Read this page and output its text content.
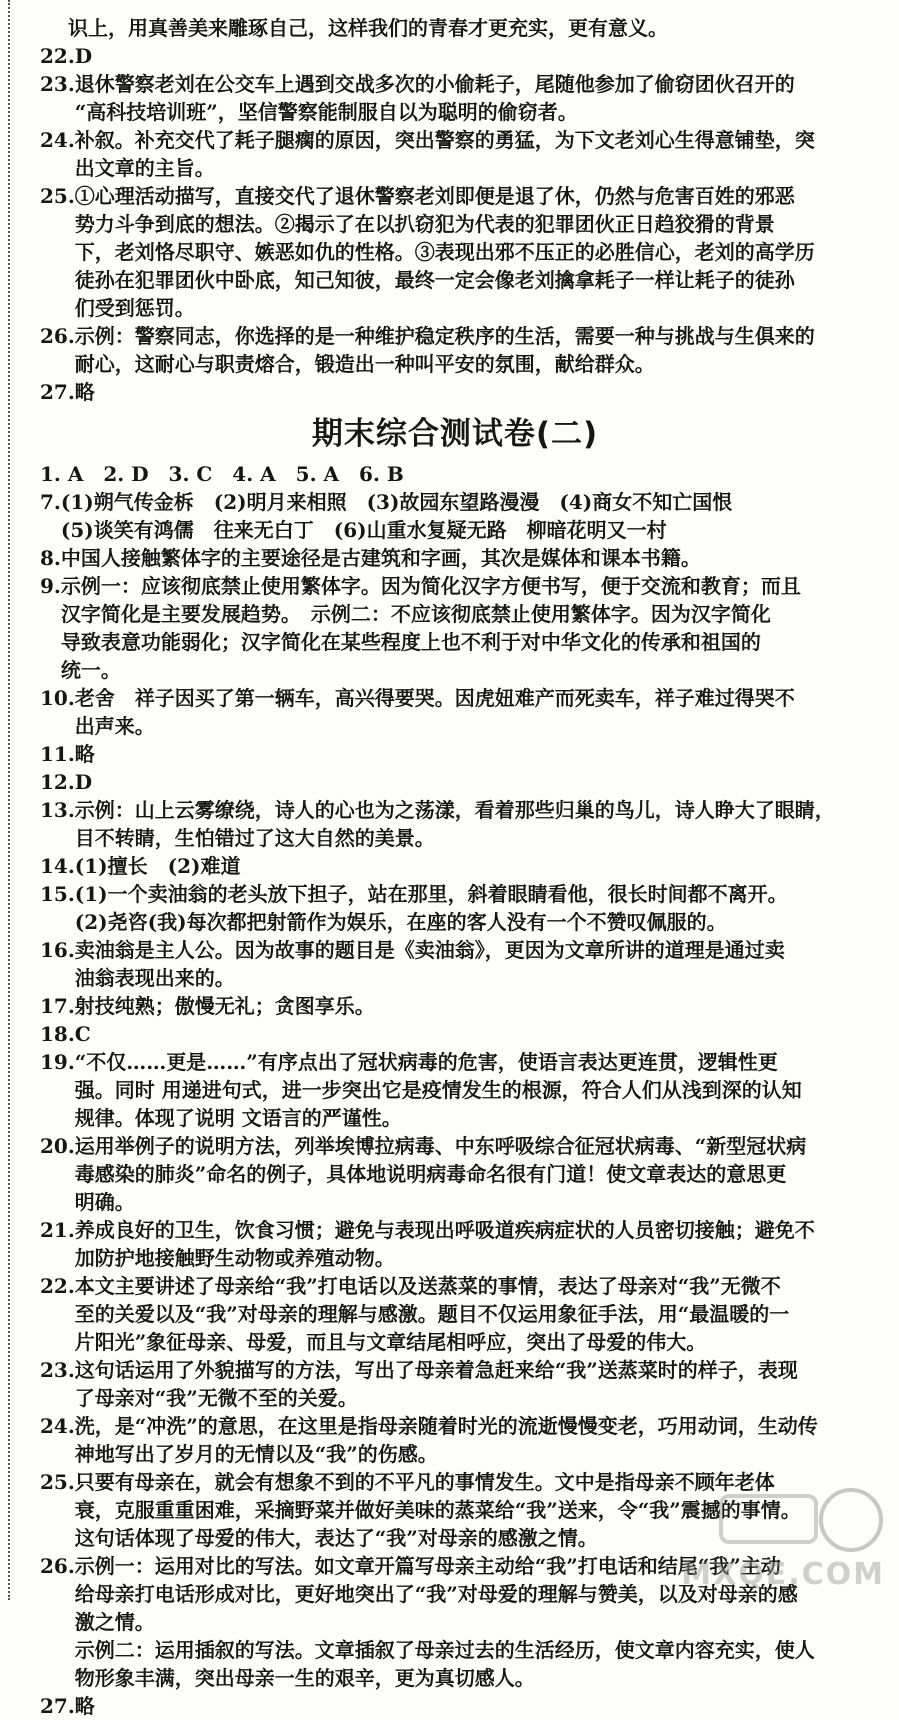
识上，用真善美来雕琢自己，这样我们的青春才更充实，更有意义。
22. D
23. 退休警察老刘在公交车上遇到交战多次的小偷耗子，尾随他参加了偷窃团伙召开的
“高科技培训班”，坚信警察能制服自以为聪明的偷窃者。
24. 补叙。补充交代了耗子腿瘸的原因，突出警察的勇猛，为下文老刘心生得意铺垫，突
出文章的主旨。
25. ①心理活动描写，直接交代了退休警察老刘即便是退了休，仍然与危害百姓的邪恶
势力斗争到底的想法。②揭示了在以扒窃犯为代表的犯罪团伙正日趋狡猾的背景
下，老刘恪尽职守、嫉恶如仇的性格。③表现出邪不压正的必胜信心，老刘的高学历
徒孙在犯罪团伙中卧底，知己知彼，最终一定会像老刘擒拿耗子一样让耗子的徒孙
们受到惩罚。
26. 示例：警察同志，你选择的是一种维护稳定秩序的生活，需要一种与挑战与生俱来的
耐心，这耐心与职责熔合，锻造出一种叫平安的氛围，献给群众。
27. 略
期末综合测试卷(二)
1. A　2. D　3. C　4. A　5. A　6. B
7. (1)朔气传金柝　(2)明月来相照　(3)故园东望路漫漫　(4)商女不知亡国恨
(5)谈笑有鸿儒　往来无白丁　(6)山重水复疑无路　柳暗花明又一村
8. 中国人接触繁体字的主要途径是古建筑和字画，其次是媒体和课本书籍。
9. 示例一：应该彻底禁止使用繁体字。因为简化汉字方便书写，便于交流和教育；而且
汉字简化是主要发展趋势。　示例二：不应该彻底禁止使用繁体字。因为汉字简化
导致表意功能弱化；汉字简化在某些程度上也不利于对中华文化的传承和祖国的
统一。
10. 老舍　祥子因买了第一辆车，高兴得要哭。因虎妞难产而死卖车，祥子难过得哭不
出声来。
11. 略
12. D
13. 示例：山上云雾缭绕，诗人的心也为之荡漾，看着那些归巢的鸟儿，诗人睁大了眼睛，
目不转睛，生怕错过了这大自然的美景。
14. (1)擅长　(2)难道
15. (1)一个卖油翁的老头放下担子，站在那里，斜着眼睛看他，很长时间都不离开。
(2)尧咨(我)每次都把射箭作为娱乐，在座的客人没有一个不赞叹佩服的。
16. 卖油翁是主人公。因为故事的题目是《卖油翁》，更因为文章所讲的道理是通过卖
油翁表现出来的。
17. 射技纯熟；傲慢无礼；贪图享乐。
18. C
19. “不仅……更是……”有序点出了冠状病毒的危害，使语言表达更连贯，逻辑性更
强。同时 用递进句式，进一步突出它是疫情发生的根源，符合人们从浅到深的认知
规律。体现了说明 文语言的严谨性。
20. 运用举例子的说明方法，列举埃博拉病毒、中东呼吸综合征冠状病毒、“新型冠状病
毒感染的肺炎”命名的例子，具体地说明病毒命名很有门道！使文章表达的意思更
明确。
21. 养成良好的卫生，饮食习惯；避免与表现出呼吸道疾病症状的人员密切接触；避免不
加防护地接触野生动物或养殖动物。
22. 本文主要讲述了母亲给“我”打电话以及送蒸菜的事情，表达了母亲对“我”无微不
至的关爱以及“我”对母亲的理解与感激。题目不仅运用象征手法，用“最温暖的一
片阳光”象征母亲、母爱，而且与文章结尾相呼应，突出了母爱的伟大。
23. 这句话运用了外貌描写的方法，写出了母亲着急赶来给“我”送蒸菜时的样子，表现
了母亲对“我”无微不至的关爱。
24. 洗，是“冲洗”的意思，在这里是指母亲随着时光的流逝慢慢变老，巧用动词，生动传
神地写出了岁月的无情以及“我”的伤感。
25. 只要有母亲在，就会有想象不到的不平凡的事情发生。文中是指母亲不顾年老体
衰，克服重重困难，采摘野菜并做好美味的蒸菜给“我”送来，令“我”震撼的事情。
这句话体现了母爱的伟大，表达了“我”对母亲的感激之情。
26. 示例一：运用对比的写法。如文章开篇写母亲主动给“我”打电话和结尾“我”主动
给母亲打电话形成对比，更好地突出了“我”对母爱的理解与赞美，以及对母亲的感
激之情。
示例二：运用插叙的写法。文章插叙了母亲过去的生活经历，使文章内容充实，使人
物形象丰满，突出母亲一生的艰辛，更为真切感人。
27. 略
MXQE.COM
